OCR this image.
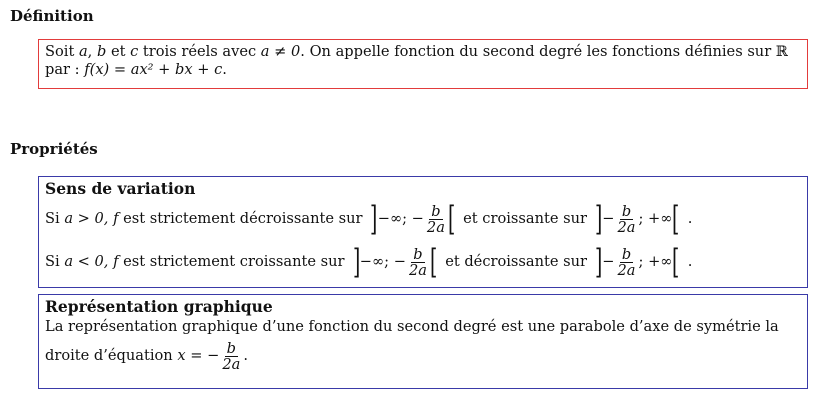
Définition
Soit
a ,
b
et
c
trois réels avec
a ≠ 0 . On appelle fonction du second degré les fonctions définies sur ℝ
par :
f(x) = ax² + bx + c .
Propriétés
Sens de variation
Si
a > 0, f
est strictement décroissante sur ] −∞; − $\frac{b}{2a}$ [ et croissante sur ] − $\frac{b}{2a}$ ; +∞ [ .
Si
a < 0, f
est strictement croissante sur ] −∞; − $\frac{b}{2a}$ [ et décroissante sur ] − $\frac{b}{2a}$ ; +∞ [ .
Représentation graphique
La représentation graphique d’une fonction du second degré est une parabole d’axe de symétrie la
droite d’équation
x = − $\frac{b}{2a}$ .
